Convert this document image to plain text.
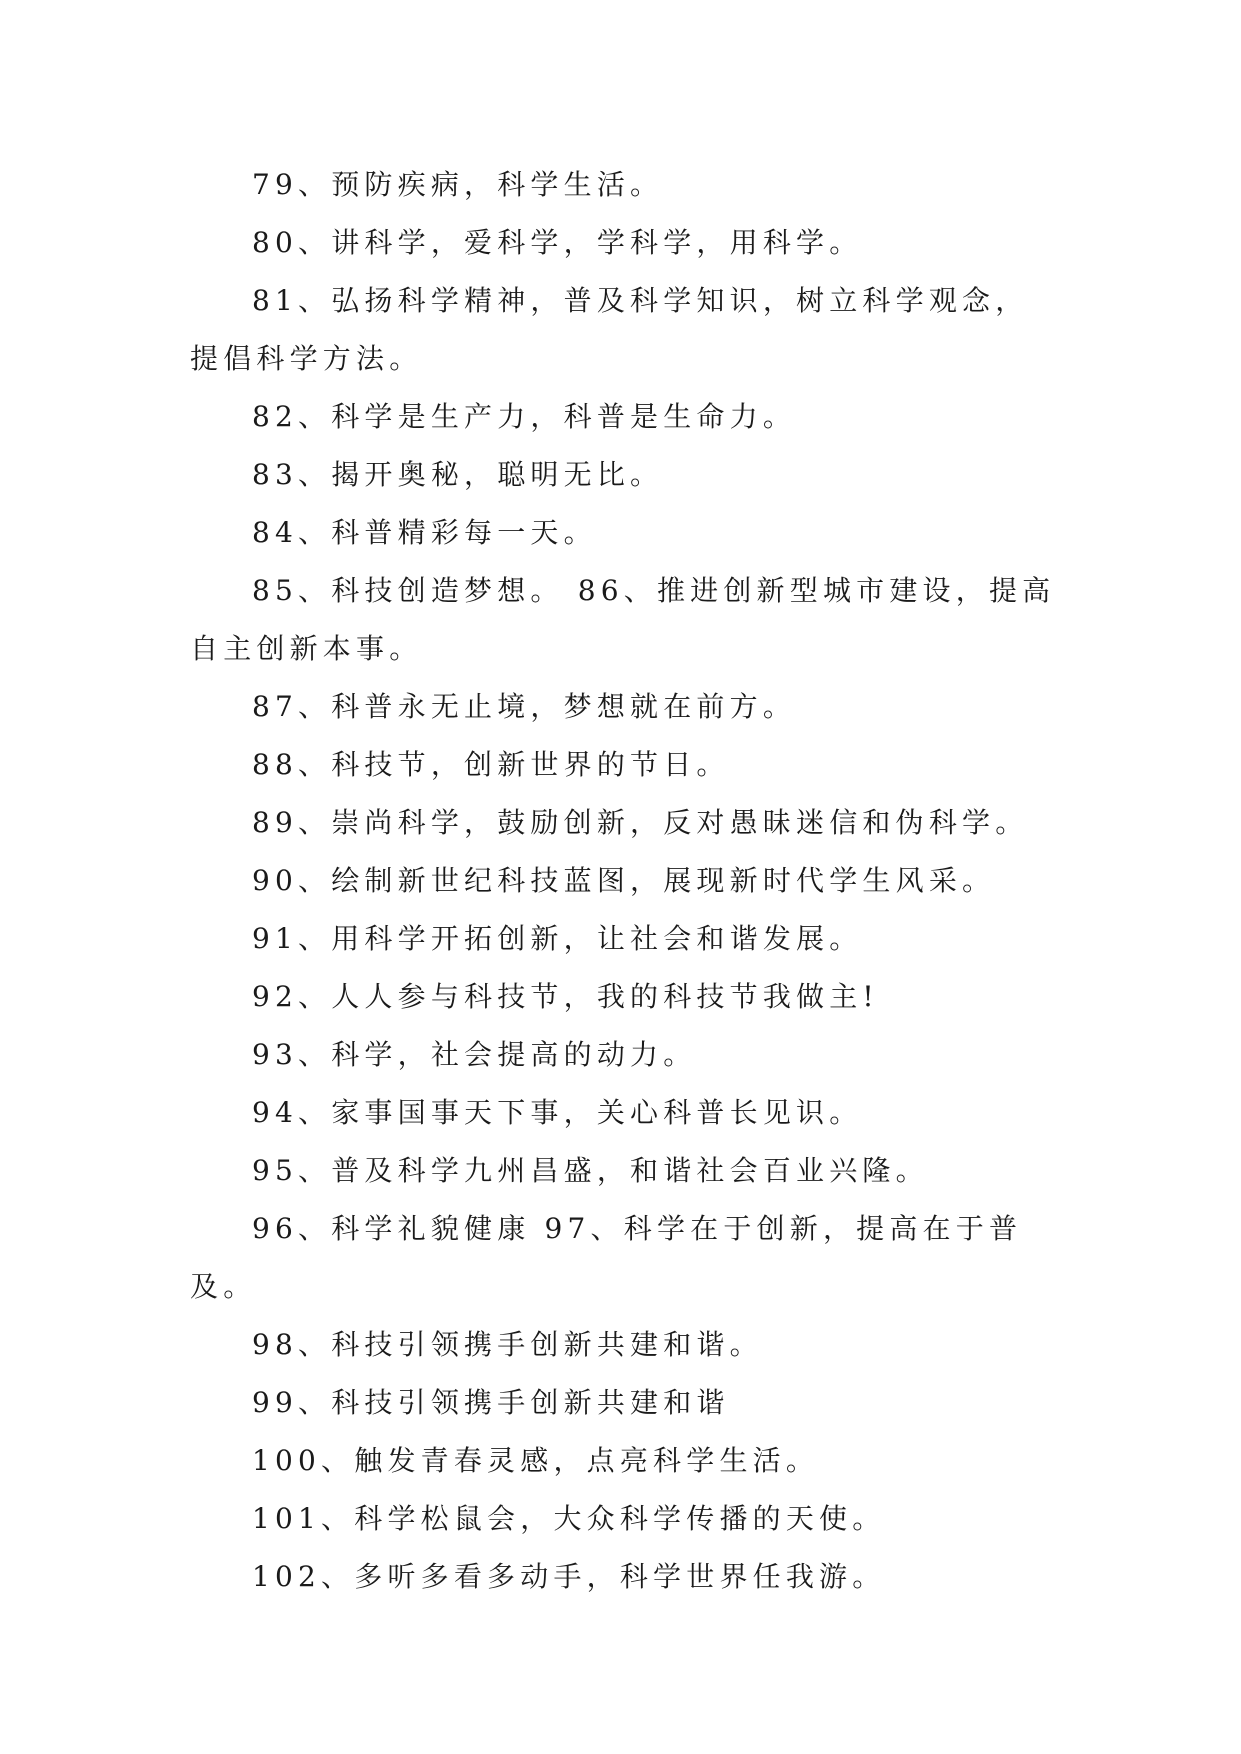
79、预防疾病，科学生活。

80、讲科学，爱科学，学科学，用科学。

81、弘扬科学精神，普及科学知识，树立科学观念，提倡科学方法。

82、科学是生产力，科普是生命力。

83、揭开奥秘，聪明无比。

84、科普精彩每一天。

85、科技创造梦想。 86、推进创新型城市建设，提高自主创新本事。

87、科普永无止境，梦想就在前方。

88、科技节，创新世界的节日。

89、崇尚科学，鼓励创新，反对愚昧迷信和伪科学。

90、绘制新世纪科技蓝图，展现新时代学生风采。

91、用科学开拓创新，让社会和谐发展。

92、人人参与科技节，我的科技节我做主!

93、科学，社会提高的动力。

94、家事国事天下事，关心科普长见识。

95、普及科学九州昌盛，和谐社会百业兴隆。

96、科学礼貌健康 97、科学在于创新，提高在于普及。

98、科技引领携手创新共建和谐。

99、科技引领携手创新共建和谐

100、触发青春灵感，点亮科学生活。

101、科学松鼠会，大众科学传播的天使。

102、多听多看多动手，科学世界任我游。
